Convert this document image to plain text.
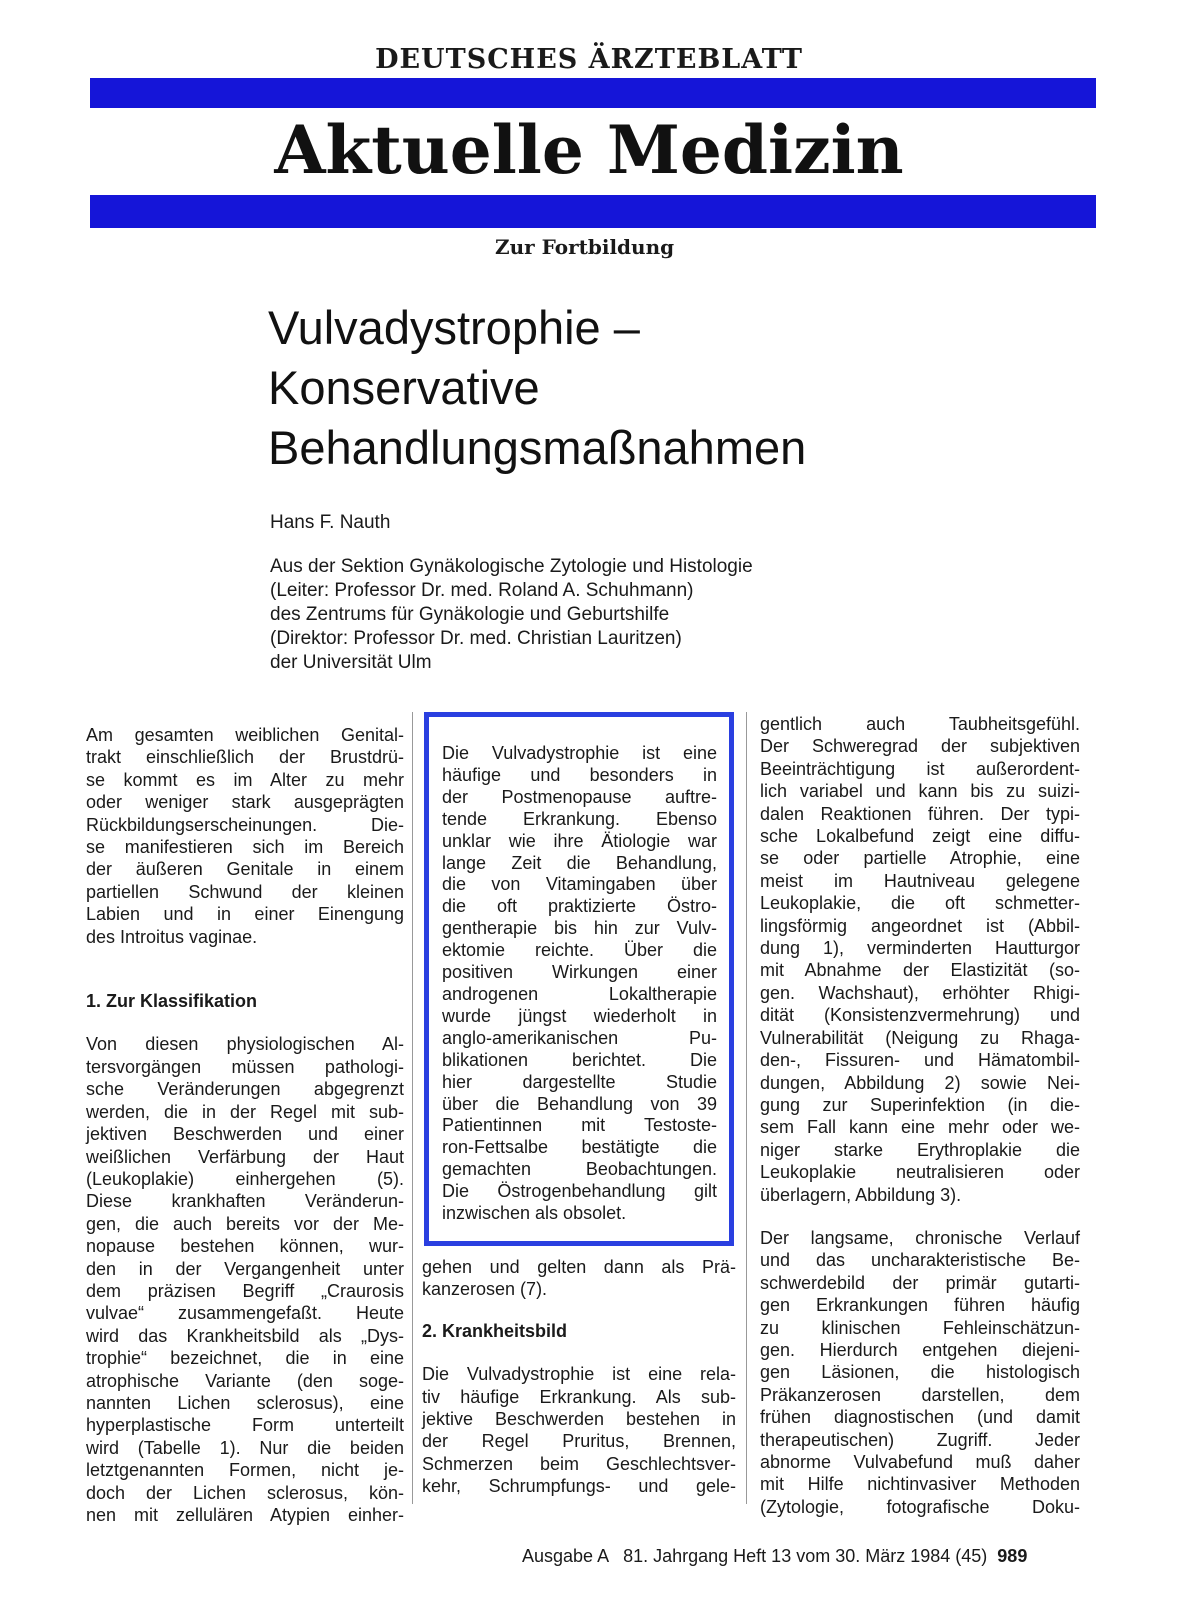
DEUTSCHES ÄRZTEBLATT
Aktuelle Medizin
Zur Fortbildung
Vulvadystrophie –
Konservative
Behandlungsmaßnahmen
Hans F. Nauth
Aus der Sektion Gynäkologische Zytologie und Histologie
(Leiter: Professor Dr. med. Roland A. Schuhmann)
des Zentrums für Gynäkologie und Geburtshilfe
(Direktor: Professor Dr. med. Christian Lauritzen)
der Universität Ulm
Am gesamten weiblichen Genital-
trakt einschließlich der Brustdrü-
se kommt es im Alter zu mehr
oder weniger stark ausgeprägten
Rückbildungserscheinungen. Die-
se manifestieren sich im Bereich
der äußeren Genitale in einem
partiellen Schwund der kleinen
Labien und in einer Einengung
des Introitus vaginae.
1. Zur Klassifikation
Von diesen physiologischen Al-
tersvorgängen müssen pathologi-
sche Veränderungen abgegrenzt
werden, die in der Regel mit sub-
jektiven Beschwerden und einer
weißlichen Verfärbung der Haut
(Leukoplakie) einhergehen (5).
Diese krankhaften Veränderun-
gen, die auch bereits vor der Me-
nopause bestehen können, wur-
den in der Vergangenheit unter
dem präzisen Begriff „Craurosis
vulvae“ zusammengefaßt. Heute
wird das Krankheitsbild als „Dys-
trophie“ bezeichnet, die in eine
atrophische Variante (den soge-
nannten Lichen sclerosus), eine
hyperplastische Form unterteilt
wird (Tabelle 1). Nur die beiden
letztgenannten Formen, nicht je-
doch der Lichen sclerosus, kön-
nen mit zellulären Atypien einher-
Die Vulvadystrophie ist eine
häufige und besonders in
der Postmenopause auftre-
tende Erkrankung. Ebenso
unklar wie ihre Ätiologie war
lange Zeit die Behandlung,
die von Vitamingaben über
die oft praktizierte Östro-
gentherapie bis hin zur Vulv-
ektomie reichte. Über die
positiven Wirkungen einer
androgenen Lokaltherapie
wurde jüngst wiederholt in
anglo-amerikanischen Pu-
blikationen berichtet. Die
hier dargestellte Studie
über die Behandlung von 39
Patientinnen mit Testoste-
ron-Fettsalbe bestätigte die
gemachten Beobachtungen.
Die Östrogenbehandlung gilt
inzwischen als obsolet.
gehen und gelten dann als Prä-
kanzerosen (7).
2. Krankheitsbild
Die Vulvadystrophie ist eine rela-
tiv häufige Erkrankung. Als sub-
jektive Beschwerden bestehen in
der Regel Pruritus, Brennen,
Schmerzen beim Geschlechtsver-
kehr, Schrumpfungs- und gele-
gentlich auch Taubheitsgefühl.
Der Schweregrad der subjektiven
Beeinträchtigung ist außerordent-
lich variabel und kann bis zu suizi-
dalen Reaktionen führen. Der typi-
sche Lokalbefund zeigt eine diffu-
se oder partielle Atrophie, eine
meist im Hautniveau gelegene
Leukoplakie, die oft schmetter-
lingsförmig angeordnet ist (Abbil-
dung 1), verminderten Hautturgor
mit Abnahme der Elastizität (so-
gen. Wachshaut), erhöhter Rhigi-
dität (Konsistenzvermehrung) und
Vulnerabilität (Neigung zu Rhaga-
den-, Fissuren- und Hämatombil-
dungen, Abbildung 2) sowie Nei-
gung zur Superinfektion (in die-
sem Fall kann eine mehr oder we-
niger starke Erythroplakie die
Leukoplakie neutralisieren oder
überlagern, Abbildung 3).
Der langsame, chronische Verlauf
und das uncharakteristische Be-
schwerdebild der primär gutarti-
gen Erkrankungen führen häufig
zu klinischen Fehleinschätzun-
gen. Hierdurch entgehen diejeni-
gen Läsionen, die histologisch
Präkanzerosen darstellen, dem
frühen diagnostischen (und damit
therapeutischen) Zugriff. Jeder
abnorme Vulvabefund muß daher
mit Hilfe nichtinvasiver Methoden
(Zytologie, fotografische Doku-
Ausgabe A   81. Jahrgang Heft 13 vom 30. März 1984 (45) 989
